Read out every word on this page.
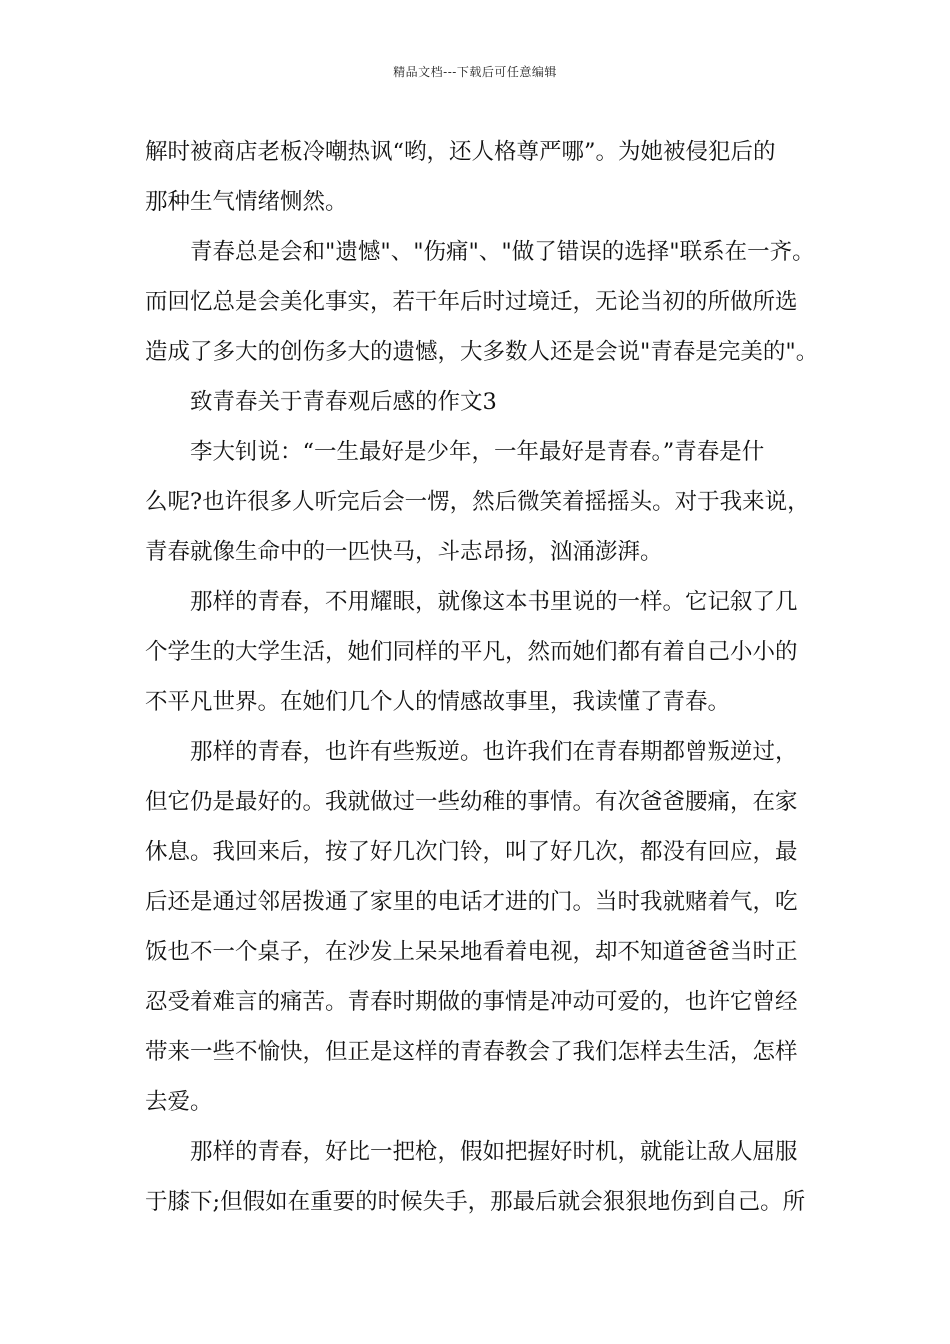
精品文档---下载后可任意编辑
解时被商店老板冷嘲热讽“哟，还人格尊严哪”。为她被侵犯后的
那种生气情绪恻然。
青春总是会和"遗憾"、"伤痛"、"做了错误的选择"联系在一齐。
而回忆总是会美化事实，若干年后时过境迁，无论当初的所做所选
造成了多大的创伤多大的遗憾，大多数人还是会说"青春是完美的"。
致青春关于青春观后感的作文3
李大钊说：“一生最好是少年，一年最好是青春。”青春是什
么呢?也许很多人听完后会一愣，然后微笑着摇摇头。对于我来说，
青春就像生命中的一匹快马，斗志昂扬，汹涌澎湃。
那样的青春，不用耀眼，就像这本书里说的一样。它记叙了几
个学生的大学生活，她们同样的平凡，然而她们都有着自己小小的
不平凡世界。在她们几个人的情感故事里，我读懂了青春。
那样的青春，也许有些叛逆。也许我们在青春期都曾叛逆过，
但它仍是最好的。我就做过一些幼稚的事情。有次爸爸腰痛，在家
休息。我回来后，按了好几次门铃，叫了好几次，都没有回应，最
后还是通过邻居拨通了家里的电话才进的门。当时我就赌着气，吃
饭也不一个桌子，在沙发上呆呆地看着电视，却不知道爸爸当时正
忍受着难言的痛苦。青春时期做的事情是冲动可爱的，也许它曾经
带来一些不愉快，但正是这样的青春教会了我们怎样去生活，怎样
去爱。
那样的青春，好比一把枪，假如把握好时机，就能让敌人屈服
于膝下;但假如在重要的时候失手，那最后就会狠狠地伤到自己。所
